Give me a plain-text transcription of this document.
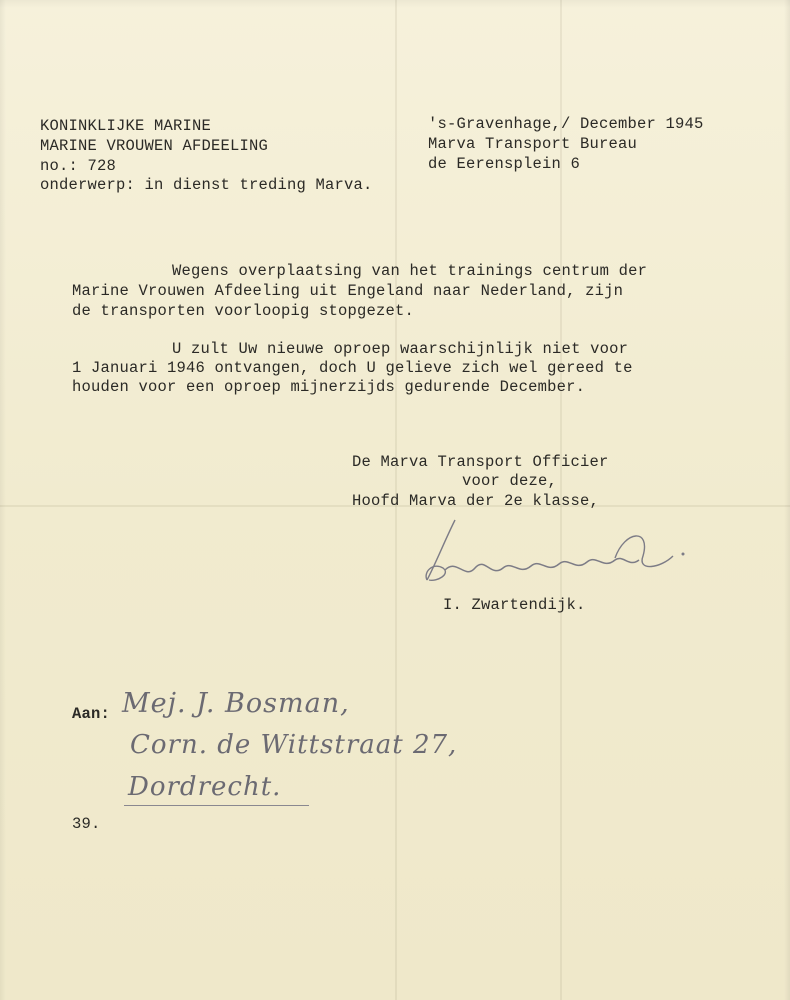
KONINKLIJKE MARINE
MARINE VROUWEN AFDEELING
no.: 728
onderwerp: in dienst treding Marva.
's-Gravenhage,/ December 1945
Marva Transport Bureau
de Eerensplein 6
Wegens overplaatsing van het trainings centrum der
Marine Vrouwen Afdeeling uit Engeland naar Nederland, zijn
de transporten voorloopig stopgezet.
U zult Uw nieuwe oproep waarschijnlijk niet voor
1 Januari 1946 ontvangen, doch U gelieve zich wel gereed te
houden voor een oproep mijnerzijds gedurende December.
De Marva Transport Officier
voor deze,
Hoofd Marva der 2e klasse,
I. Zwartendijk.
Aan: Mej. J. Bosman,
Corn. de Wittstraat 27,
Dordrecht.
39.
